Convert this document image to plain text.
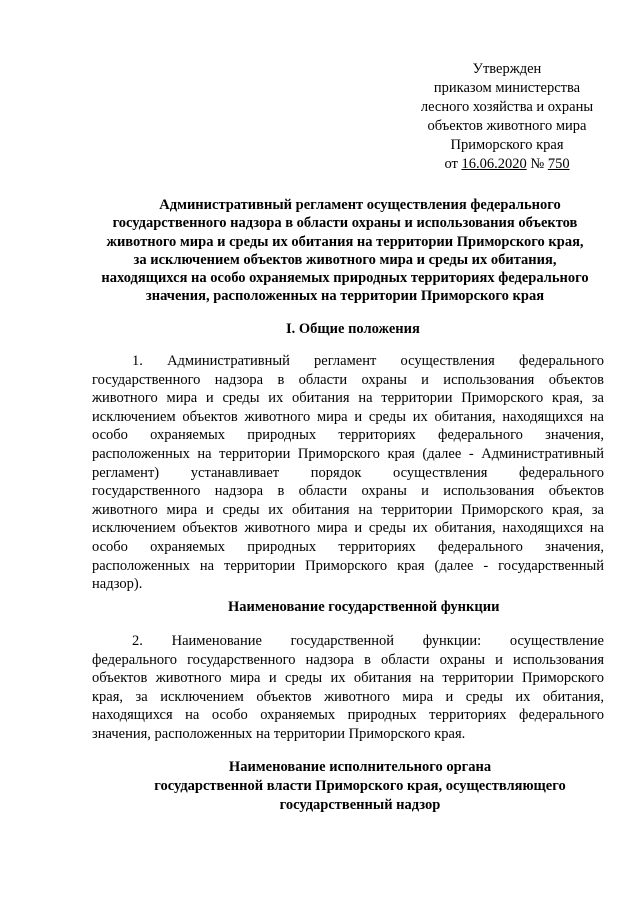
Утвержден
приказом министерства
лесного хозяйства и охраны
объектов животного мира
Приморского края
от 16.06.2020 № 750
Административный регламент осуществления федерального
государственного надзора в области охраны и использования объектов
животного мира и среды их обитания на территории Приморского края,
за исключением объектов животного мира и среды их обитания,
находящихся на особо охраняемых природных территориях федерального
значения, расположенных на территории Приморского края
I. Общие положения
1. Административный регламент осуществления федерального
государственного надзора в области охраны и использования объектов
животного мира и среды их обитания на территории Приморского края, за
исключением объектов животного мира и среды их обитания, находящихся на
особо охраняемых природных территориях федерального значения,
расположенных на территории Приморского края (далее - Административный
регламент) устанавливает порядок осуществления федерального
государственного надзора в области охраны и использования объектов
животного мира и среды их обитания на территории Приморского края, за
исключением объектов животного мира и среды их обитания, находящихся на
особо охраняемых природных территориях федерального значения,
расположенных на территории Приморского края (далее - государственный
надзор).
Наименование государственной функции
2. Наименование государственной функции: осуществление
федерального государственного надзора в области охраны и использования
объектов животного мира и среды их обитания на территории Приморского
края, за исключением объектов животного мира и среды их обитания,
находящихся на особо охраняемых природных территориях федерального
значения, расположенных на территории Приморского края.
Наименование исполнительного органа
государственной власти Приморского края, осуществляющего
государственный надзор
